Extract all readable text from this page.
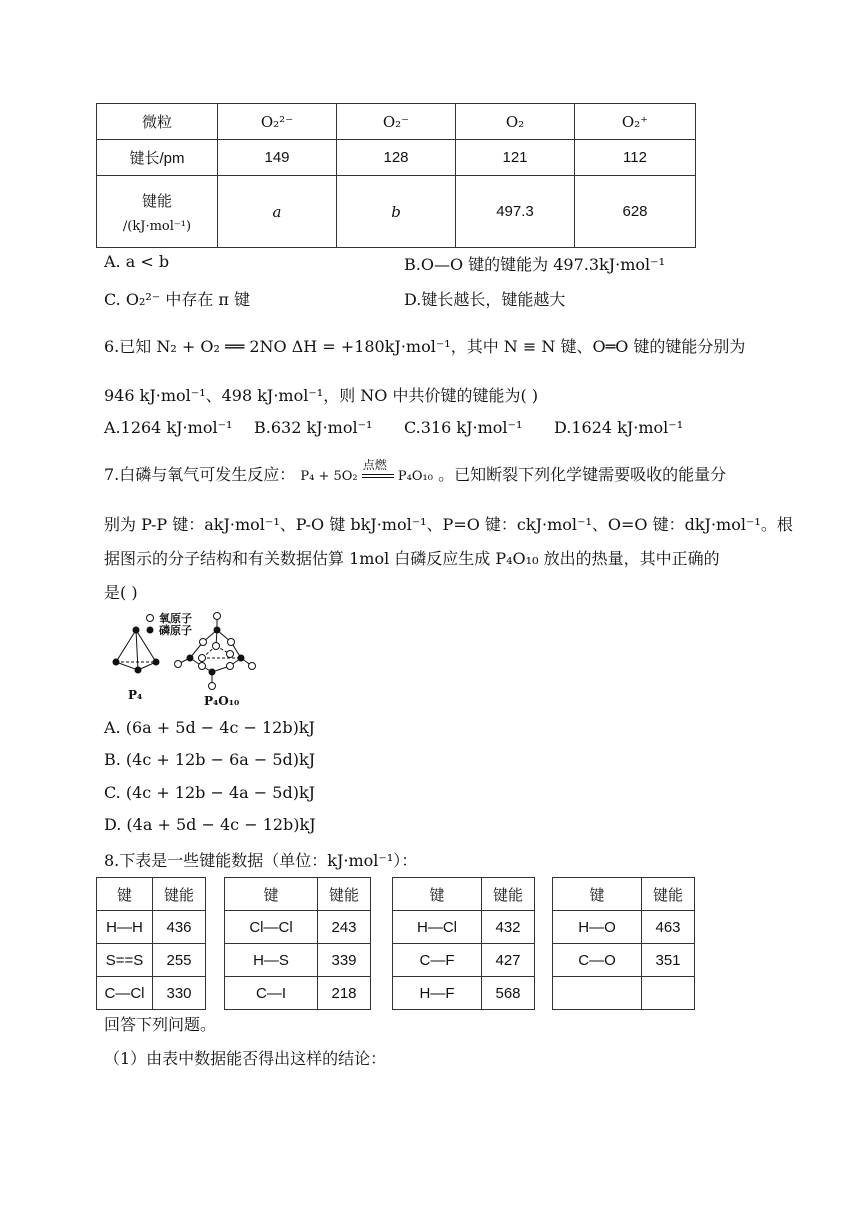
微粒	O₂²⁻	O₂⁻	O₂	O₂⁺
键长/pm	149	128	121	112

键能
/(kJ·mol⁻¹)	a	b	497.3	628
A. a < b	B.O—O 键的键能为 497.3kJ·mol⁻¹
C. O₂²⁻ 中存在 π 键	D.键长越长，键能越大
6.已知 N₂ + O₂ ══ 2NO ΔH = +180kJ·mol⁻¹，其中 N ≡ N 键、O═O 键的键能分别为
946 kJ·mol⁻¹、498 kJ·mol⁻¹，则 NO 中共价键的键能为( )
A.1264 kJ·mol⁻¹ B.632 kJ·mol⁻¹ C.316 kJ·mol⁻¹ D.1624 kJ·mol⁻¹
7.白磷与氧气可发生反应： P₄ + 5O₂
点燃
P₄O₁₀ 。已知断裂下列化学键需要吸收的能量分
别为 P-P 键：akJ·mol⁻¹、P-O 键 bkJ·mol⁻¹、P=O 键：ckJ·mol⁻¹、O=O 键：dkJ·mol⁻¹。根
据图示的分子结构和有关数据估算 1mol 白磷反应生成 P₄O₁₀ 放出的热量，其中正确的
是( )
氧原子
磷原子
P₄	P₄O₁₀
A. (6a + 5d − 4c − 12b)kJ
B. (4c + 12b − 6a − 5d)kJ
C. (4c + 12b − 4a − 5d)kJ
D. (4a + 5d − 4c − 12b)kJ
8.下表是一些键能数据（单位：kJ·mol⁻¹）：
键	键能
H—H	436
S==S	255
C—Cl	330
键	键能
Cl—Cl	243
H—S	339
C—I	218
键	键能
H—Cl	432
C—F	427
H—F	568
键	键能
H—O	463
C—O	351

回答下列问题。
（1）由表中数据能否得出这样的结论：
